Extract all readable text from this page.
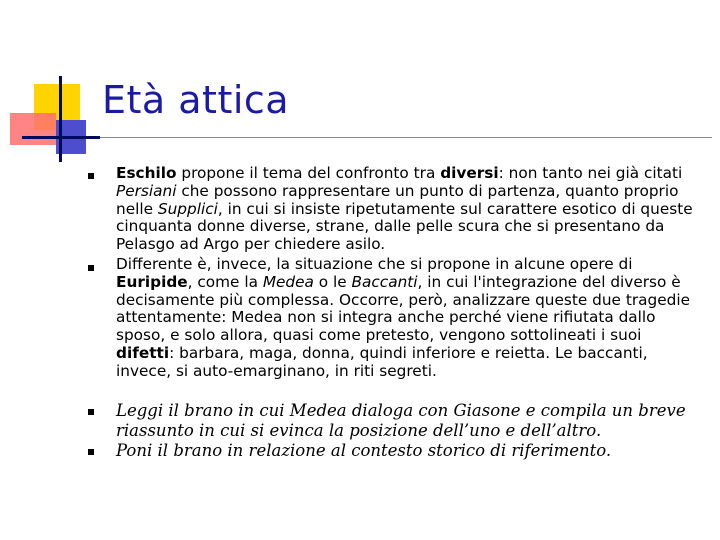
Età attica
Eschilo propone il tema del confronto tra diversi: non tanto nei già citati Persiani che possono rappresentare un punto di partenza, quanto proprio nelle Supplici, in cui si insiste ripetutamente sul carattere esotico di queste cinquanta donne diverse, strane, dalle pelle scura che si presentano da Pelasgo ad Argo per chiedere asilo.
Differente è, invece, la situazione che si propone in alcune opere di Euripide, come la Medea o le Baccanti, in cui l'integrazione del diverso è decisamente più complessa. Occorre, però, analizzare queste due tragedie attentamente: Medea non si integra anche perché viene rifiutata dallo sposo, e solo allora, quasi come pretesto, vengono sottolineati i suoi difetti: barbara, maga, donna, quindi inferiore e reietta. Le baccanti, invece, si auto-emarginano, in riti segreti.
Leggi il brano in cui Medea dialoga con Giasone e compila un breve riassunto in cui si evinca la posizione dell’uno e dell’altro.
Poni il brano in relazione al contesto storico di riferimento.
